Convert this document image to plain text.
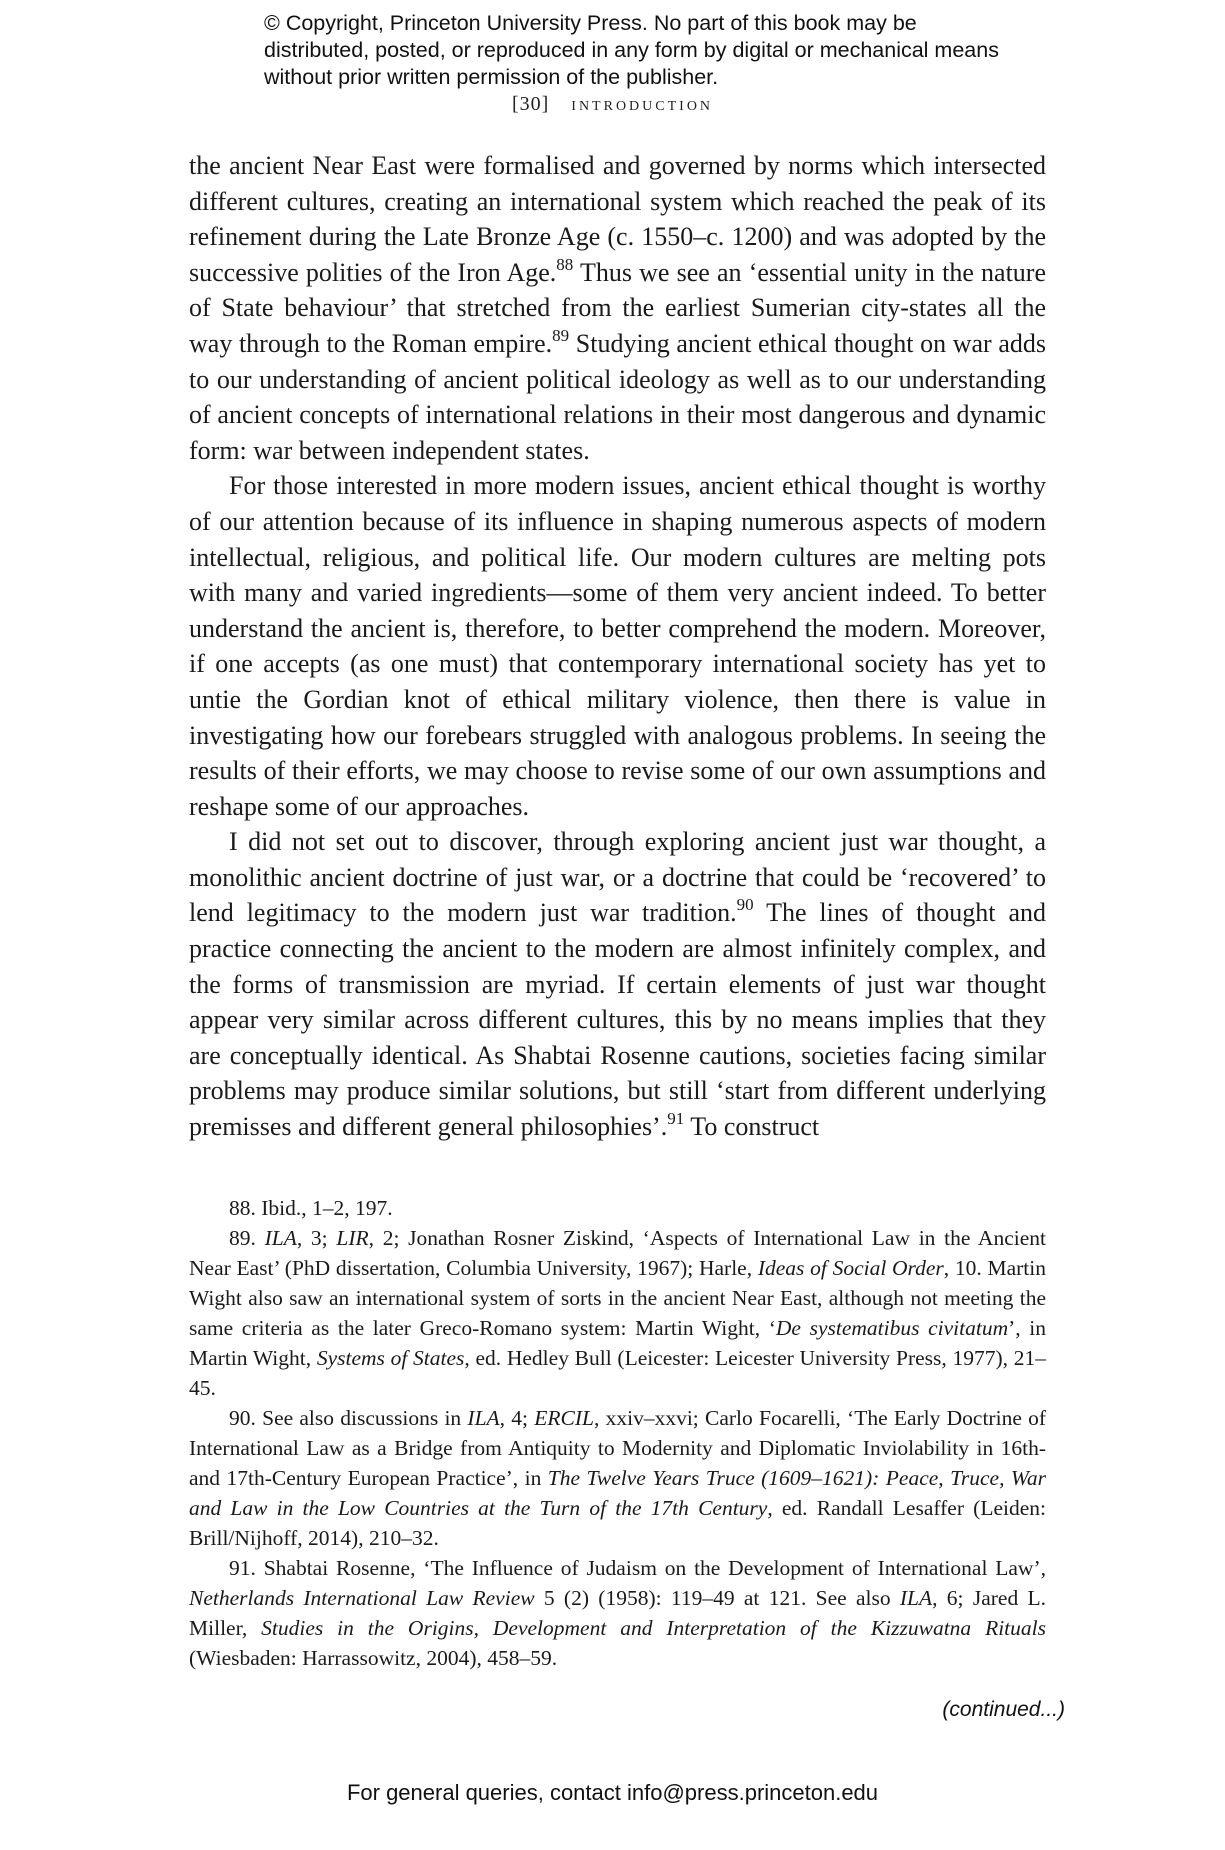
© Copyright, Princeton University Press. No part of this book may be distributed, posted, or reproduced in any form by digital or mechanical means without prior written permission of the publisher.
[30] introduction

the ancient Near East were formalised and governed by norms which intersected different cultures, creating an international system which reached the peak of its refinement during the Late Bronze Age (c. 1550–c. 1200) and was adopted by the successive polities of the Iron Age.$^{88}$ Thus we see an ‘essential unity in the nature of State behaviour’ that stretched from the earliest Sumerian city-states all the way through to the Roman empire.$^{89}$ Studying ancient ethical thought on war adds to our understanding of ancient political ideology as well as to our understanding of ancient concepts of international relations in their most dangerous and dynamic form: war between independent states.

For those interested in more modern issues, ancient ethical thought is worthy of our attention because of its influence in shaping numerous aspects of modern intellectual, religious, and political life. Our modern cultures are melting pots with many and varied ingredients—some of them very ancient indeed. To better understand the ancient is, therefore, to better comprehend the modern. Moreover, if one accepts (as one must) that contemporary international society has yet to untie the Gordian knot of ethical military violence, then there is value in investigating how our forebears struggled with analogous problems. In seeing the results of their efforts, we may choose to revise some of our own assumptions and reshape some of our approaches.

I did not set out to discover, through exploring ancient just war thought, a monolithic ancient doctrine of just war, or a doctrine that could be ‘recovered’ to lend legitimacy to the modern just war tradition.$^{90}$ The lines of thought and practice connecting the ancient to the modern are almost infinitely complex, and the forms of transmission are myriad. If certain elements of just war thought appear very similar across different cultures, this by no means implies that they are conceptually identical. As Shabtai Rosenne cautions, societies facing similar problems may produce similar solutions, but still ‘start from different underlying premisses and different general philosophies’.$^{91}$ To construct

88. Ibid., 1–2, 197.

89. ILA, 3; LIR, 2; Jonathan Rosner Ziskind, ‘Aspects of International Law in the Ancient Near East’ (PhD dissertation, Columbia University, 1967); Harle, Ideas of Social Order, 10. Martin Wight also saw an international system of sorts in the ancient Near East, although not meeting the same criteria as the later Greco-Romano system: Martin Wight, ‘De systematibus civitatum’, in Martin Wight, Systems of States, ed. Hedley Bull (Leicester: Leicester University Press, 1977), 21–45.

90. See also discussions in ILA, 4; ERCIL, xxiv–xxvi; Carlo Focarelli, ‘The Early Doctrine of International Law as a Bridge from Antiquity to Modernity and Diplomatic Inviolability in 16th- and 17th-Century European Practice’, in The Twelve Years Truce (1609–1621): Peace, Truce, War and Law in the Low Countries at the Turn of the 17th Century, ed. Randall Lesaffer (Leiden: Brill/Nijhoff, 2014), 210–32.

91. Shabtai Rosenne, ‘The Influence of Judaism on the Development of International Law’, Netherlands International Law Review 5 (2) (1958): 119–49 at 121. See also ILA, 6; Jared L. Miller, Studies in the Origins, Development and Interpretation of the Kizzuwatna Rituals (Wiesbaden: Harrassowitz, 2004), 458–59.

(continued...)
For general queries, contact info@press.princeton.edu
